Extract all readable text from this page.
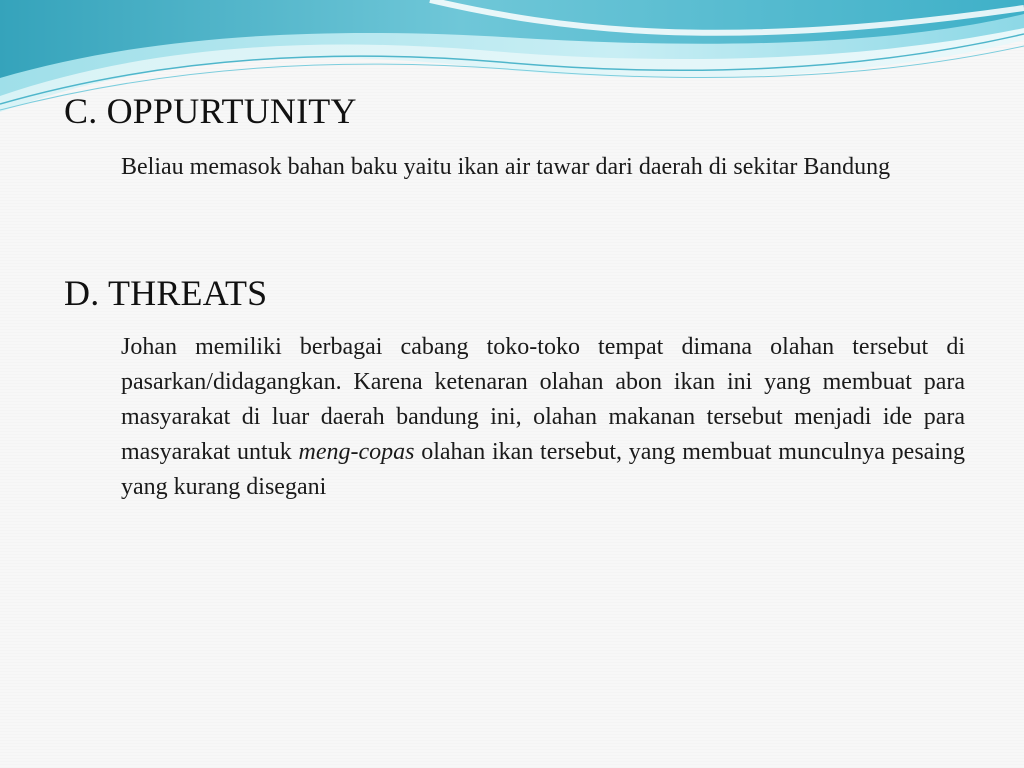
C. OPPURTUNITY

Beliau memasok bahan baku yaitu ikan air tawar dari daerah di sekitar Bandung

D. THREATS

Johan memiliki berbagai cabang toko-toko tempat dimana olahan tersebut di pasarkan/didagangkan. Karena ketenaran olahan abon ikan ini yang membuat para masyarakat di luar daerah bandung ini, olahan makanan tersebut menjadi ide para masyarakat untuk meng-copas olahan ikan tersebut, yang membuat munculnya pesaing yang kurang disegani
